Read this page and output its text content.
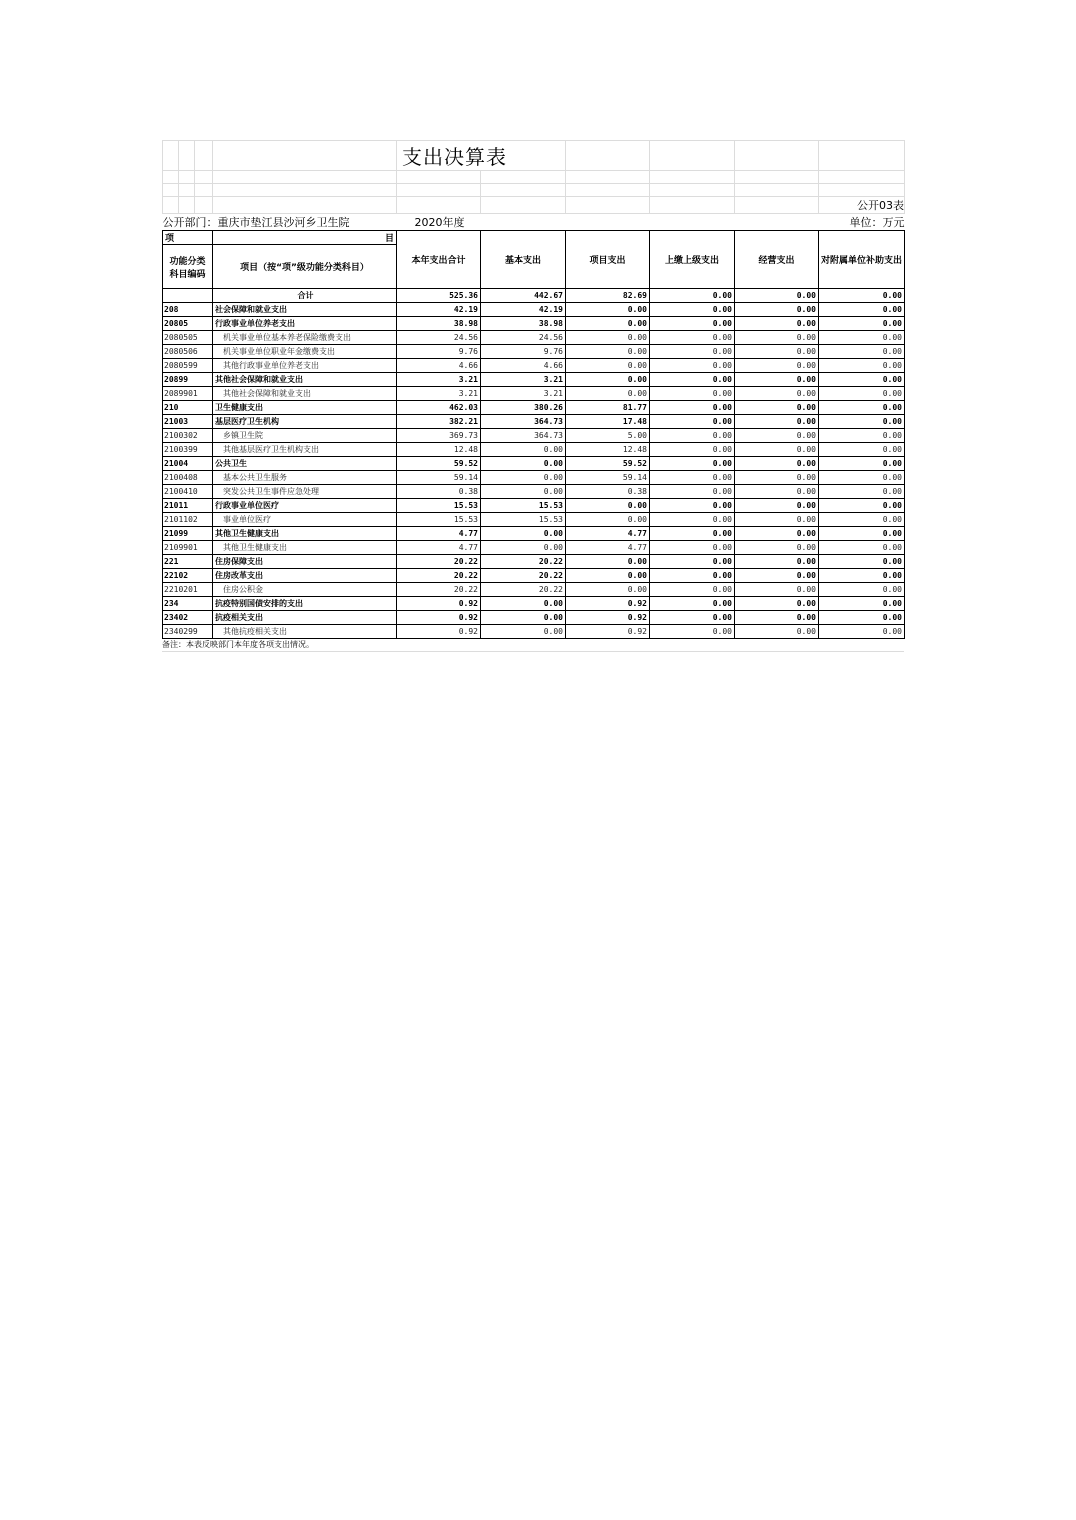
				支出决算表					

									公开03表
公开部门：重庆市垫江县沙河乡卫生院				2020年度					单位：万元
项	目	本年支出合计	基本支出	项目支出	上缴上级支出	经营支出	对附属单位补助支出
功能分类科目编码	项目（按“项”级功能分类科目）						
	合计	525.36	442.67	82.69	0.00	0.00	0.00
208	社会保障和就业支出	42.19	42.19	0.00	0.00	0.00	0.00
20805	行政事业单位养老支出	38.98	38.98	0.00	0.00	0.00	0.00
2080505	机关事业单位基本养老保险缴费支出	24.56	24.56	0.00	0.00	0.00	0.00
2080506	机关事业单位职业年金缴费支出	9.76	9.76	0.00	0.00	0.00	0.00
2080599	其他行政事业单位养老支出	4.66	4.66	0.00	0.00	0.00	0.00
20899	其他社会保障和就业支出	3.21	3.21	0.00	0.00	0.00	0.00
2089901	其他社会保障和就业支出	3.21	3.21	0.00	0.00	0.00	0.00
210	卫生健康支出	462.03	380.26	81.77	0.00	0.00	0.00
21003	基层医疗卫生机构	382.21	364.73	17.48	0.00	0.00	0.00
2100302	乡镇卫生院	369.73	364.73	5.00	0.00	0.00	0.00
2100399	其他基层医疗卫生机构支出	12.48	0.00	12.48	0.00	0.00	0.00
21004	公共卫生	59.52	0.00	59.52	0.00	0.00	0.00
2100408	基本公共卫生服务	59.14	0.00	59.14	0.00	0.00	0.00
2100410	突发公共卫生事件应急处理	0.38	0.00	0.38	0.00	0.00	0.00
21011	行政事业单位医疗	15.53	15.53	0.00	0.00	0.00	0.00
2101102	事业单位医疗	15.53	15.53	0.00	0.00	0.00	0.00
21099	其他卫生健康支出	4.77	0.00	4.77	0.00	0.00	0.00
2109901	其他卫生健康支出	4.77	0.00	4.77	0.00	0.00	0.00
221	住房保障支出	20.22	20.22	0.00	0.00	0.00	0.00
22102	住房改革支出	20.22	20.22	0.00	0.00	0.00	0.00
2210201	住房公积金	20.22	20.22	0.00	0.00	0.00	0.00
234	抗疫特别国债安排的支出	0.92	0.00	0.92	0.00	0.00	0.00
23402	抗疫相关支出	0.92	0.00	0.92	0.00	0.00	0.00
2340299	其他抗疫相关支出	0.92	0.00	0.92	0.00	0.00	0.00
备注：本表反映部门本年度各项支出情况。
